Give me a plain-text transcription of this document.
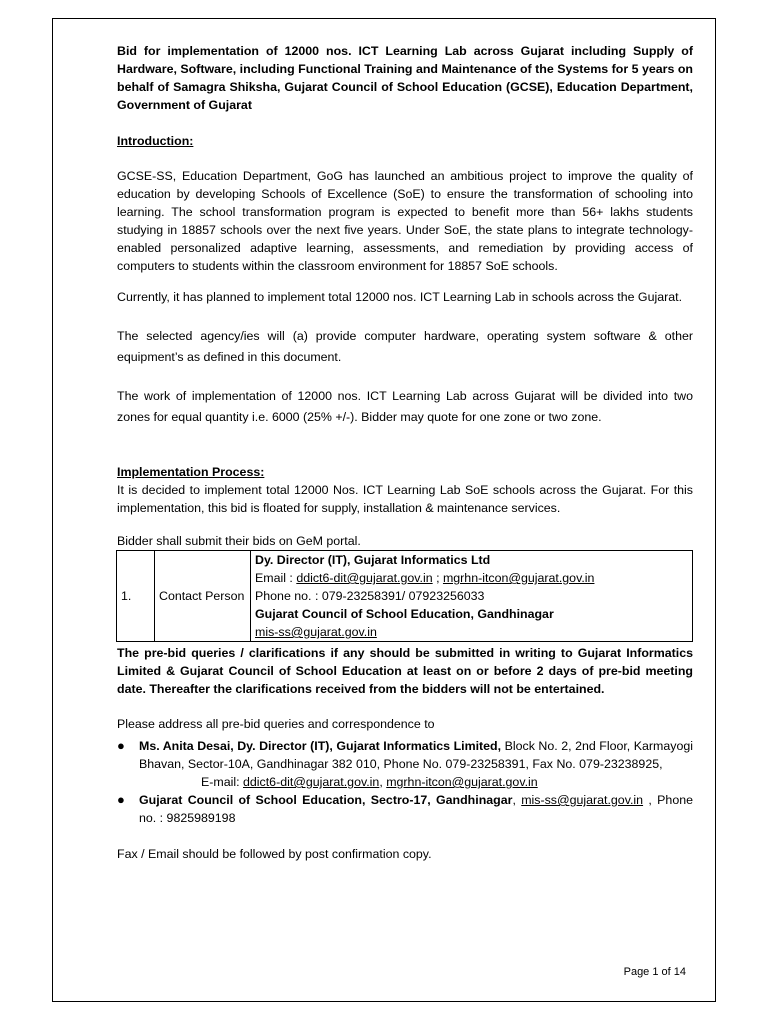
Bid for implementation of 12000 nos. ICT Learning Lab across Gujarat including Supply of Hardware, Software, including Functional Training and Maintenance of the Systems for 5 years on behalf of Samagra Shiksha, Gujarat Council of School Education (GCSE), Education Department, Government of Gujarat

Introduction:

GCSE-SS, Education Department, GoG has launched an ambitious project to improve the quality of education by developing Schools of Excellence (SoE) to ensure the transformation of schooling into learning. The school transformation program is expected to benefit more than 56+ lakhs students studying in 18857 schools over the next five years. Under SoE, the state plans to integrate technology-enabled personalized adaptive learning, assessments, and remediation by providing access of computers to students within the classroom environment for 18857 SoE schools.

Currently, it has planned to implement total 12000 nos. ICT Learning Lab in schools across the Gujarat.

The selected agency/ies will (a) provide computer hardware, operating system software & other equipment’s as defined in this document.

The work of implementation of 12000 nos. ICT Learning Lab across Gujarat will be divided into two zones for equal quantity i.e. 6000 (25% +/-). Bidder may quote for one zone or two zone.

Implementation Process:

It is decided to implement total 12000 Nos. ICT Learning Lab SoE schools across the Gujarat. For this implementation, this bid is floated for supply, installation & maintenance services.

Bidder shall submit their bids on GeM portal.

1.	Contact Person	
Dy. Director (IT), Gujarat Informatics Ltd
Email : ddict6-dit@gujarat.gov.in ; mgrhn-itcon@gujarat.gov.in
Phone no. : 079-23258391/ 07923256033
Gujarat Council of School Education, Gandhinagar
mis-ss@gujarat.gov.in

The pre-bid queries / clarifications if any should be submitted in writing to Gujarat Informatics Limited & Gujarat Council of School Education at least on or before 2 days of pre-bid meeting date. Thereafter the clarifications received from the bidders will not be entertained.

Please address all pre-bid queries and correspondence to

● Ms. Anita Desai, Dy. Director (IT), Gujarat Informatics Limited, Block No. 2, 2nd Floor, Karmayogi Bhavan, Sector-10A, Gandhinagar 382 010, Phone No. 079-23258391, Fax No. 079-23238925,
E-mail: ddict6-dit@gujarat.gov.in, mgrhn-itcon@gujarat.gov.in
● Gujarat Council of School Education, Sectro-17, Gandhinagar, mis-ss@gujarat.gov.in , Phone no. : 9825989198

Fax / Email should be followed by post confirmation copy.

Page 1 of 14
